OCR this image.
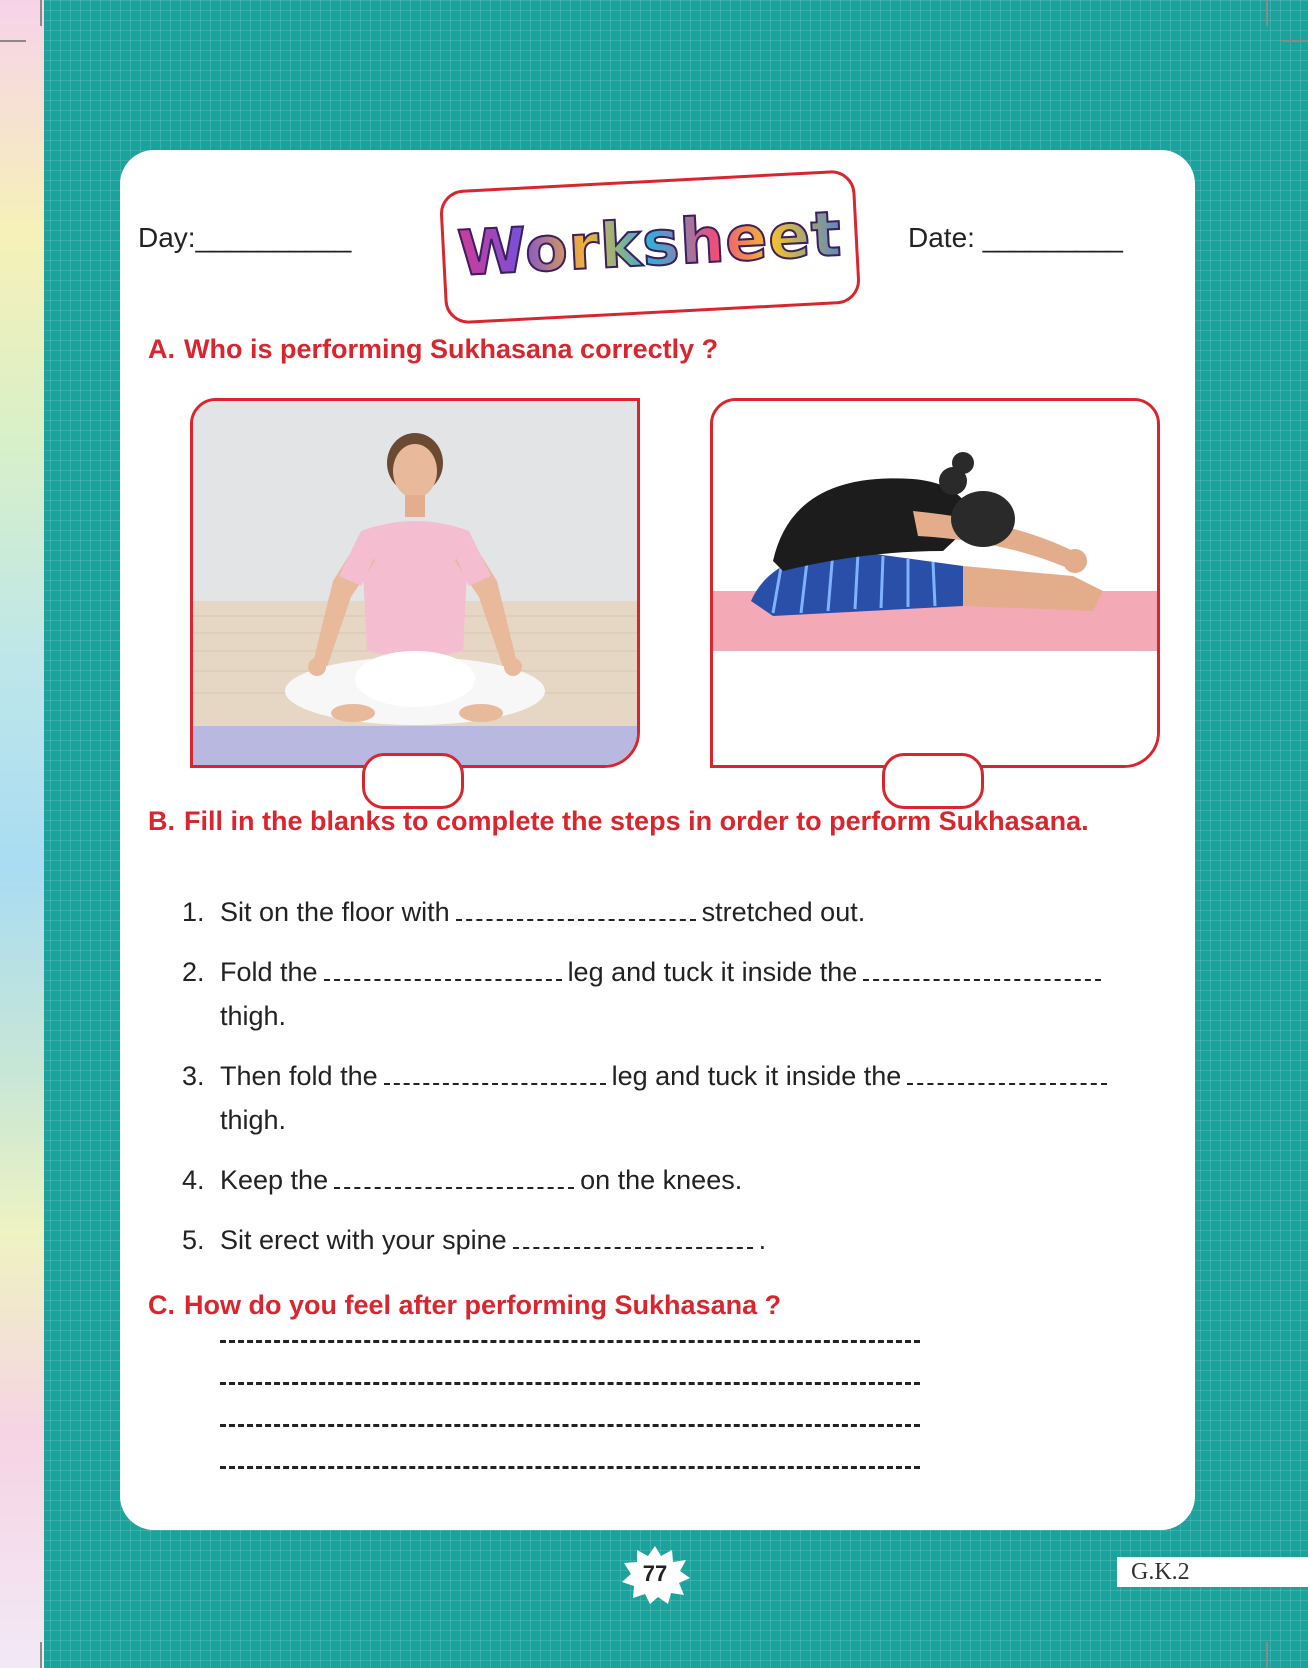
Day:__________ Worksheet	Date: _________
A. Who is performing Sukhasana correctly ?
B. Fill in the blanks to complete the steps in order to perform Sukhasana.
1. Sit on the floor with	stretched out.
2. Fold the	leg and tuck it inside the
thigh.
3. Then fold the	leg and tuck it inside the
thigh.
4. Keep the	on the knees.
5. Sit erect with your spine	.
C. How do you feel after performing Sukhasana ?
77	G.K.2
